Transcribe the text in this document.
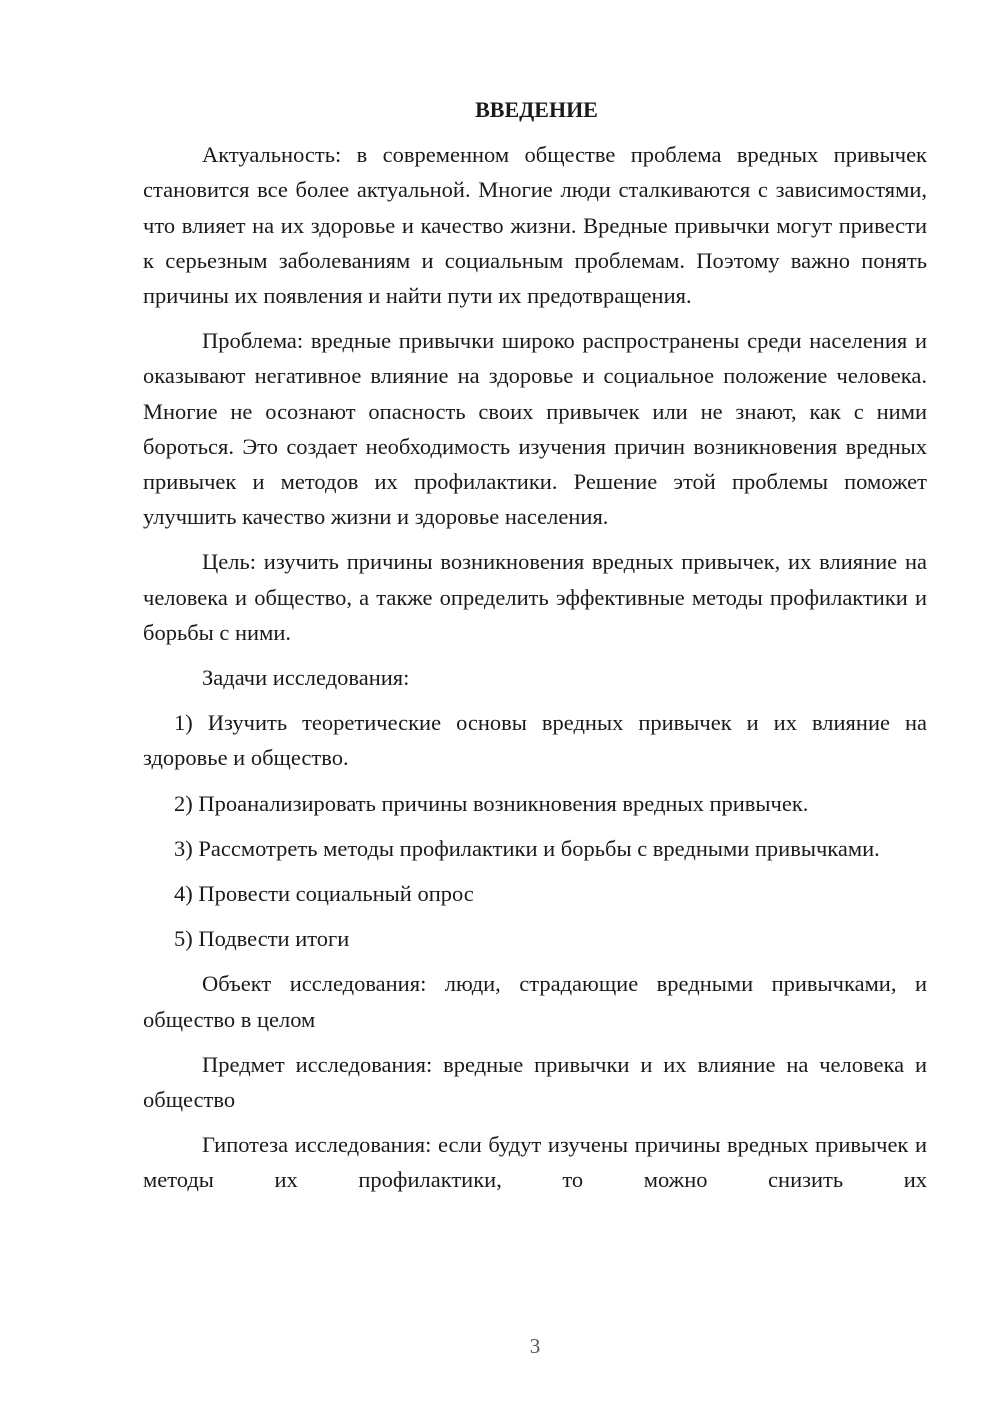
ВВЕДЕНИЕ

Актуальность: в современном обществе проблема вредных привычек становится все более актуальной. Многие люди сталкиваются с зависимостями, что влияет на их здоровье и качество жизни. Вредные привычки могут привести к серьезным заболеваниям и социальным проблемам. Поэтому важно понять причины их появления и найти пути их предотвращения.

Проблема: вредные привычки широко распространены среди населения и оказывают негативное влияние на здоровье и социальное положение человека. Многие не осознают опасность своих привычек или не знают, как с ними бороться. Это создает необходимость изучения причин возникновения вредных привычек и методов их профилактики. Решение этой проблемы поможет улучшить качество жизни и здоровье населения.

Цель: изучить причины возникновения вредных привычек, их влияние на человека и общество, а также определить эффективные методы профилактики и борьбы с ними.

Задачи исследования:

1) Изучить теоретические основы вредных привычек и их влияние на здоровье и общество.

2) Проанализировать причины возникновения вредных привычек.

3) Рассмотреть методы профилактики и борьбы с вредными привычками.

4) Провести социальный опрос

5) Подвести итоги

Объект исследования: люди, страдающие вредными привычками, и общество в целом

Предмет исследования: вредные привычки и их влияние на человека и общество

Гипотеза исследования: если будут изучены причины вредных привычек и методы их профилактики, то можно снизить их

3
